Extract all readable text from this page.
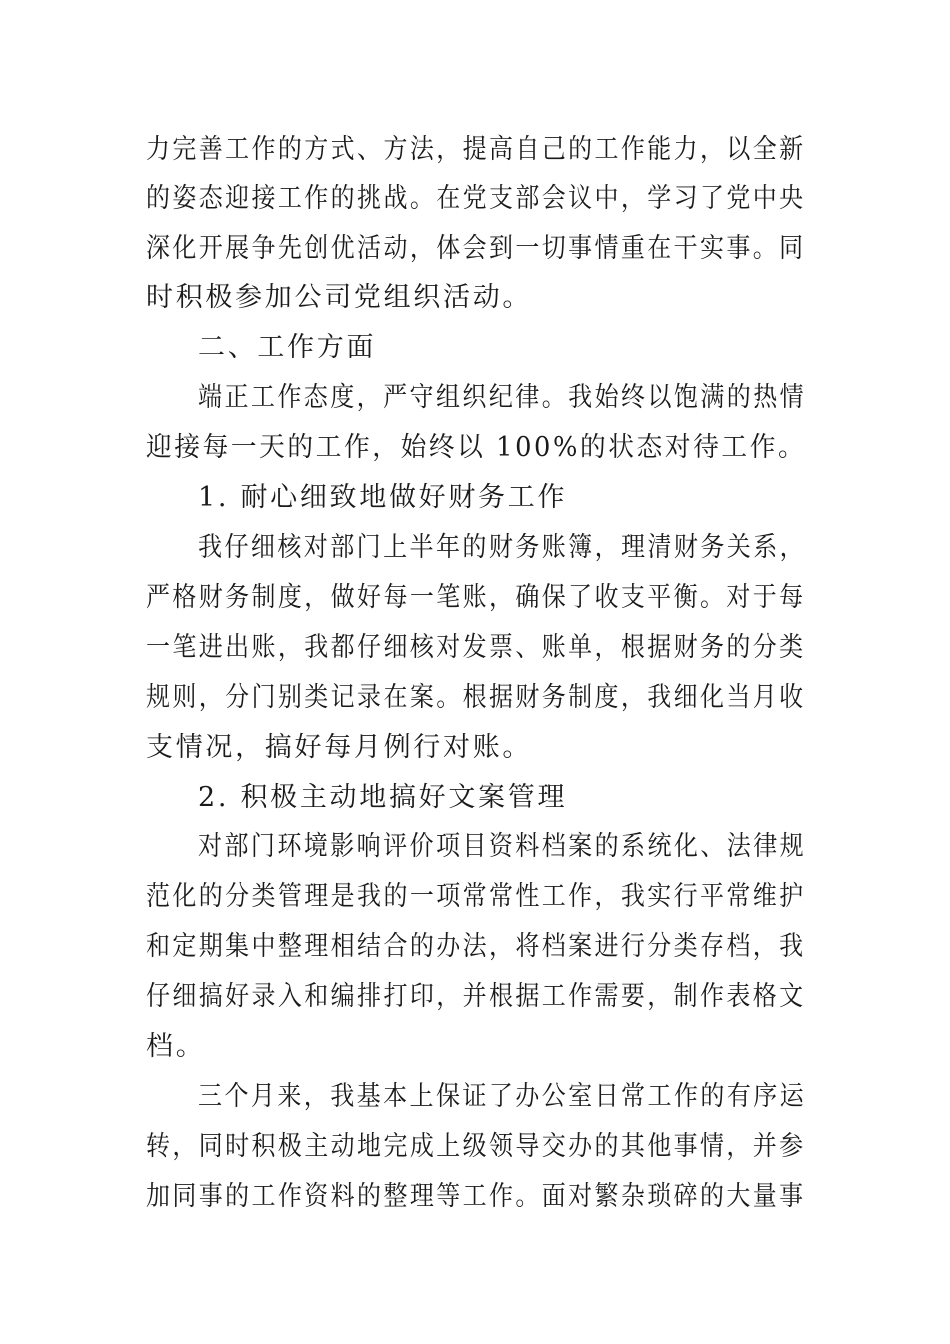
力完善工作的方式、方法，提高自己的工作能力，以全新
的姿态迎接工作的挑战。在党支部会议中，学习了党中央
深化开展争先创优活动，体会到一切事情重在干实事。同
时积极参加公司党组织活动。
二、工作方面
端正工作态度，严守组织纪律。我始终以饱满的热情
迎接每一天的工作，始终以 100%的状态对待工作。
1. 耐心细致地做好财务工作
我仔细核对部门上半年的财务账簿，理清财务关系，
严格财务制度，做好每一笔账，确保了收支平衡。对于每
一笔进出账，我都仔细核对发票、账单，根据财务的分类
规则，分门别类记录在案。根据财务制度，我细化当月收
支情况，搞好每月例行对账。
2. 积极主动地搞好文案管理
对部门环境影响评价项目资料档案的系统化、法律规
范化的分类管理是我的一项常常性工作，我实行平常维护
和定期集中整理相结合的办法，将档案进行分类存档，我
仔细搞好录入和编排打印，并根据工作需要，制作表格文
档。
三个月来，我基本上保证了办公室日常工作的有序运
转，同时积极主动地完成上级领导交办的其他事情，并参
加同事的工作资料的整理等工作。面对繁杂琐碎的大量事
